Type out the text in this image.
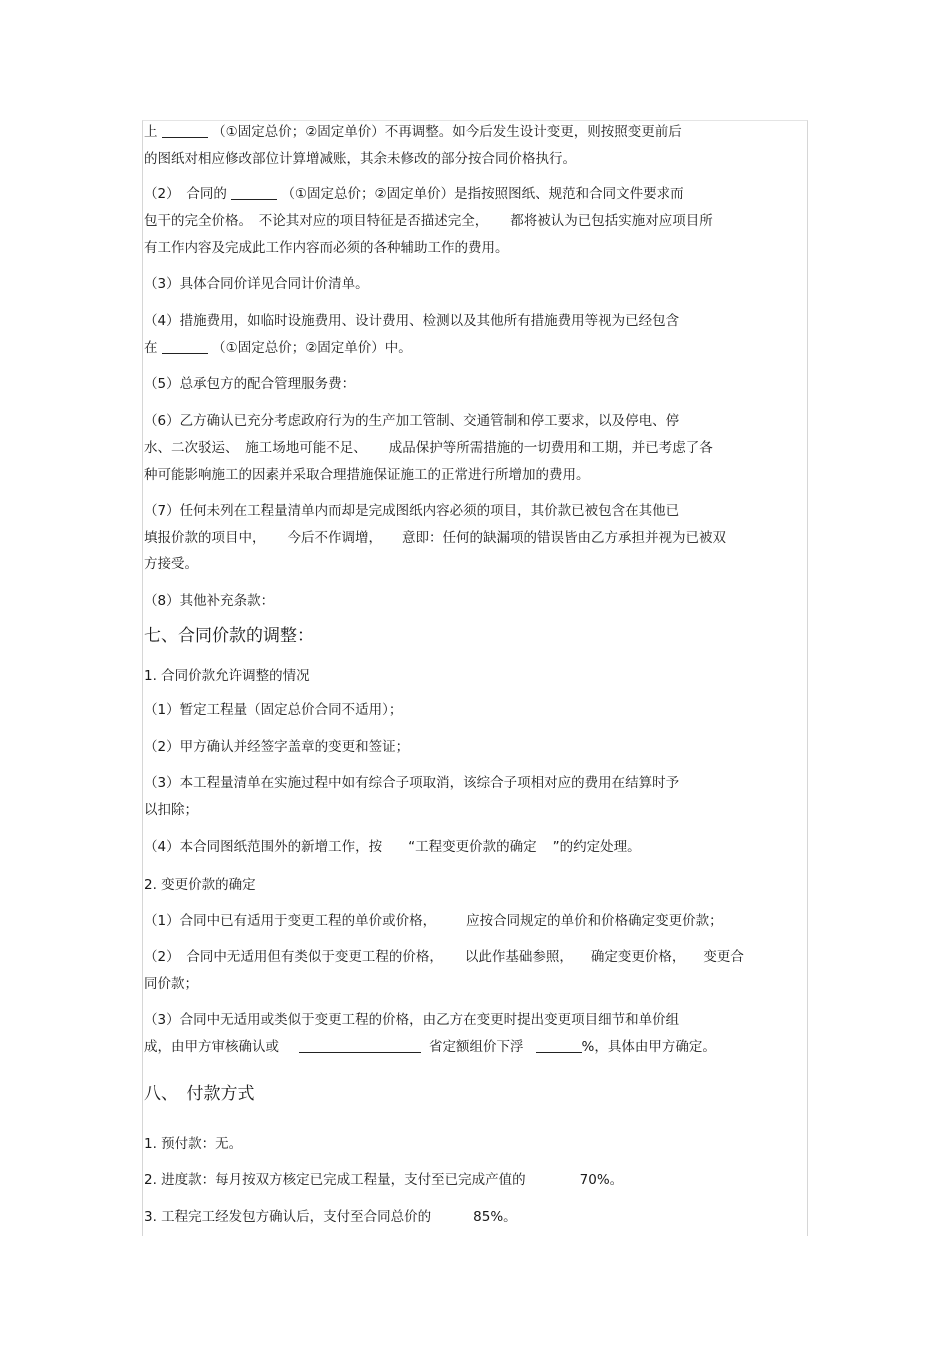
上	（①固定总价；②固定单价）不再调整。如今后发生设计变更，则按照变更前后
的图纸对相应修改部位计算增减账，其余未修改的部分按合同价格执行。
（2）　合同的	（①固定总价；②固定单价）是指按照图纸、规范和合同文件要求而
包干的完全价格。　不论其对应的项目特征是否描述完全， 都将被认为已包括实施对应项目所
有工作内容及完成此工作内容而必须的各种辅助工作的费用。
（3）具体合同价详见合同计价清单。
（4）措施费用，如临时设施费用、设计费用、检测以及其他所有措施费用等视为已经包含
在	（①固定总价；②固定单价）中。
（5）总承包方的配合管理服务费：
（6）乙方确认已充分考虑政府行为的生产加工管制、交通管制和停工要求，以及停电、停
水、二次驳运、　施工场地可能不足、 成品保护等所需措施的一切费用和工期，并已考虑了各
种可能影响施工的因素并采取合理措施保证施工的正常进行所增加的费用。
（7）任何未列在工程量清单内而却是完成图纸内容必须的项目，其价款已被包含在其他已
填报价款的项目中， 今后不作调增， 意即：任何的缺漏项的错误皆由乙方承担并视为已被双
方接受。
（8）其他补充条款：
七、合同价款的调整：
1. 合同价款允许调整的情况
（1）暂定工程量（固定总价合同不适用）；
（2）甲方确认并经签字盖章的变更和签证；
（3）本工程量清单在实施过程中如有综合子项取消，该综合子项相对应的费用在结算时予
以扣除；
（4）本合同图纸范围外的新增工作，按 “工程变更价款的确定 ”的约定处理。
2. 变更价款的确定
（1）合同中已有适用于变更工程的单价或价格， 应按合同规定的单价和价格确定变更价款；
（2）　合同中无适用但有类似于变更工程的价格， 以此作基础参照， 确定变更价格， 变更合
同价款；
（3）合同中无适用或类似于变更工程的价格，由乙方在变更时提出变更项目细节和单价组
成，由甲方审核确认或	省定额组价下浮	%，具体由甲方确定。
八、　付款方式
1. 预付款：无。
2. 进度款：每月按双方核定已完成工程量，支付至已完成产值的	70%。
3. 工程完工经发包方确认后，支付至合同总价的	85%。
